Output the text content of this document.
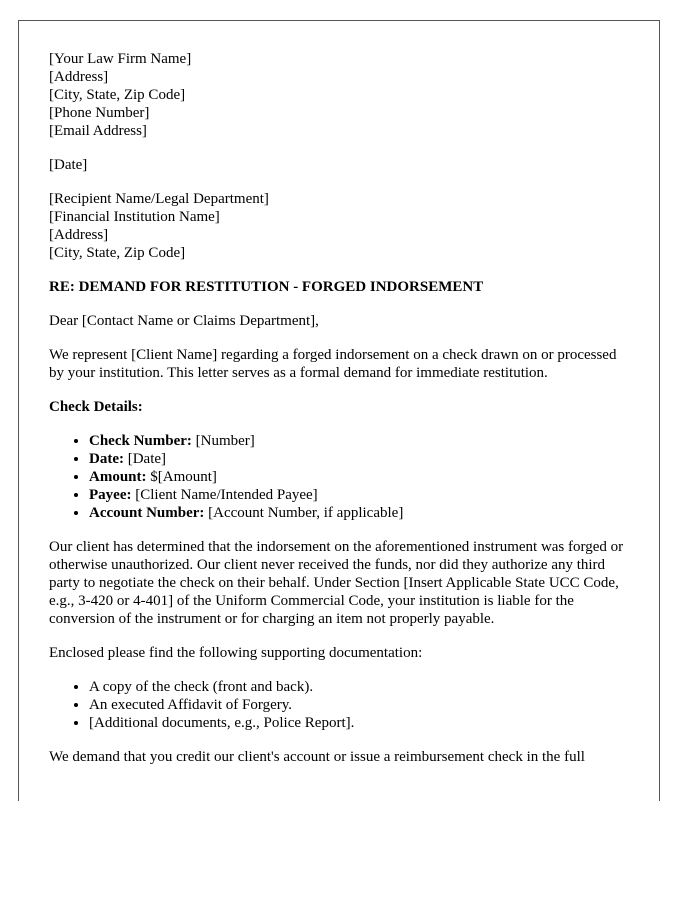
[Your Law Firm Name]
[Address]
[City, State, Zip Code]
[Phone Number]
[Email Address]
[Date]
[Recipient Name/Legal Department]
[Financial Institution Name]
[Address]
[City, State, Zip Code]
RE: DEMAND FOR RESTITUTION - FORGED INDORSEMENT
Dear [Contact Name or Claims Department],
We represent [Client Name] regarding a forged indorsement on a check drawn on or processed by your institution. This letter serves as a formal demand for immediate restitution.
Check Details:
• Check Number: [Number]
• Date: [Date]
• Amount: $[Amount]
• Payee: [Client Name/Intended Payee]
• Account Number: [Account Number, if applicable]
Our client has determined that the indorsement on the aforementioned instrument was forged or otherwise unauthorized. Our client never received the funds, nor did they authorize any third party to negotiate the check on their behalf. Under Section [Insert Applicable State UCC Code, e.g., 3-420 or 4-401] of the Uniform Commercial Code, your institution is liable for the conversion of the instrument or for charging an item not properly payable.
Enclosed please find the following supporting documentation:
• A copy of the check (front and back).
• An executed Affidavit of Forgery.
• [Additional documents, e.g., Police Report].
We demand that you credit our client's account or issue a reimbursement check in the full
